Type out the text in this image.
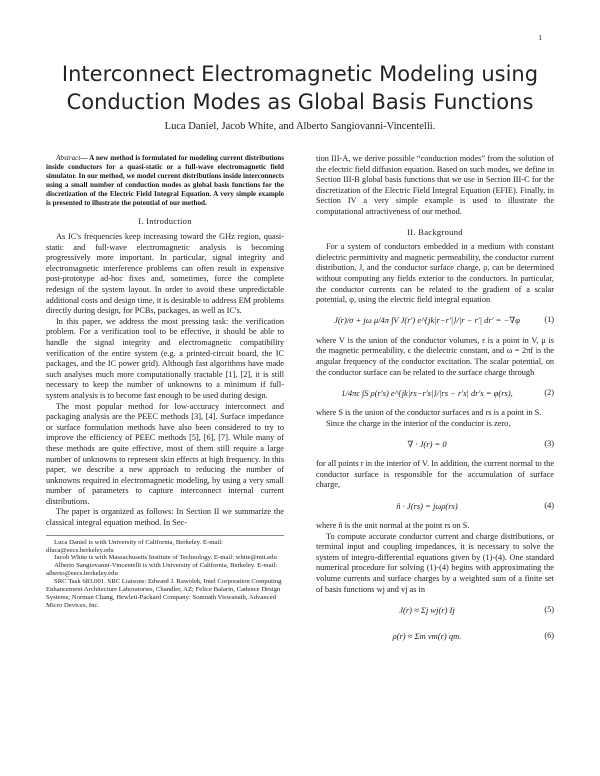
1
Interconnect Electromagnetic Modeling using
Conduction Modes as Global Basis Functions
Luca Daniel, Jacob White, and Alberto Sangiovanni-Vincentelli.

Abstract— A new method is formulated for modeling current distributions inside conductors for a quasi-static or a full-wave electromagnetic field simulator. In our method, we model current distributions inside interconnects using a small number of conduction modes as global basis functions for the discretization of the Electric Field Integral Equation. A very simple example is presented to illustrate the potential of our method.

I. Introduction

As IC's frequencies keep increasing toward the GHz region, quasi-static and full-wave electromagnetic analysis is becoming progressively more important. In particular, signal integrity and electromagnetic interference problems can often result in expensive post-prototype ad-hoc fixes and, sometimes, force the complete redesign of the system layout. In order to avoid these unpredictable additional costs and design time, it is desirable to address EM problems directly during design, for PCBs, packages, as well as IC's.

In this paper, we address the most pressing task: the verification problem. For a verification tool to be effective, it should be able to handle the signal integrity and electromagnetic compatibility verification of the entire system (e.g. a printed-circuit board, the IC packages, and the IC power grid). Although fast algorithms have made such analyses much more computationally tractable [1], [2], it is still necessary to keep the number of unknowns to a minimum if full-system analysis is to become fast enough to be used during design.

The most popular method for low-accuracy interconnect and packaging analysis are the PEEC methods [3], [4]. Surface impedance or surface formulation methods have also been considered to try to improve the efficiency of PEEC methods [5], [6], [7]. While many of these methods are quite effective, most of them still require a large number of unknowns to represent skin effects at high frequency. In this paper, we describe a new approach to reducing the number of unknowns required in electromagnetic modeling, by using a very small number of parameters to capture interconnect internal current distributions.

The paper is organized as follows: In Section II we summarize the classical integral equation method. In Sec-

Luca Daniel is with University of California, Berkeley. E-mail: dluca@eecs.berkeley.edu

Jacob White is with Massachusetts Institute of Technology. E-mail: white@mit.edu

Alberto Sangiovanni-Vincentelli is with University of California, Berkeley. E-mail: alberto@eecs.berkeley.edu

SRC Task 683.001. SRC Liaisons: Edward J. Rawolek, Intel Corporation Computing Enhancement Architecture Laboratories, Chandler, AZ; Felice Balarin, Cadence Design Systems; Norman Chang, Hewlett-Packard Company: Somnath Viswanath, Advanced Micro Devices, Inc.

tion III-A, we derive possible “conduction modes” from the solution of the electric field diffusion equation. Based on such modes, we define in Section III-B global basis functions that we use in Section III-C for the discretization of the Electric Field Integral Equation (EFIE). Finally, in Section IV a very simple example is used to illustrate the computational attractiveness of our method.

II. Background

For a system of conductors embedded in a medium with constant dielectric permittivity and magnetic permeability, the conductor current distribution, J, and the conductor surface charge, ρ, can be determined without computing any fields exterior to the conductors. In particular, the conductor currents can be related to the gradient of a scalar potential, φ, using the electric field integral equation

J(r)/σ + jω μ/4π ∫V J(r′) e^{jk|r−r′|}/|r − r′| dr′ = −∇φ	(1)

where V is the union of the conductor volumes, r is a point in V, μ is the magnetic permeability, ϵ the dielectric constant, and ω = 2πf is the angular frequency of the conductor excitation. The scalar potential, on the conductor surface can be related to the surface charge through

1/4πϵ ∫S ρ(r′s) e^{jk|rs−r′s|}/|rs − r′s| dr′s = φ(rs),	(2)

where S is the union of the conductor surfaces and rs is a point in S.

Since the charge in the interior of the conductor is zero,

∇ · J(r) = 0	(3)

for all points r in the interior of V. In addition, the current normal to the conductor surface is responsible for the accumulation of surface charge,

n̂ · J(rs) = jωρ(rs)	(4)

where n̂ is the unit normal at the point rs on S.

To compute accurate conductor current and charge distributions, or terminal input and coupling impedances, it is necessary to solve the system of integro-differential equations given by (1)-(4). One standard numerical procedure for solving (1)-(4) begins with approximating the volume currents and surface charges by a weighted sum of a finite set of basis functions wj and vj as in

J(r) ≈ Σj wj(r) Ij	(5)
ρ(r) ≈ Σm vm(r) qm.	(6)
